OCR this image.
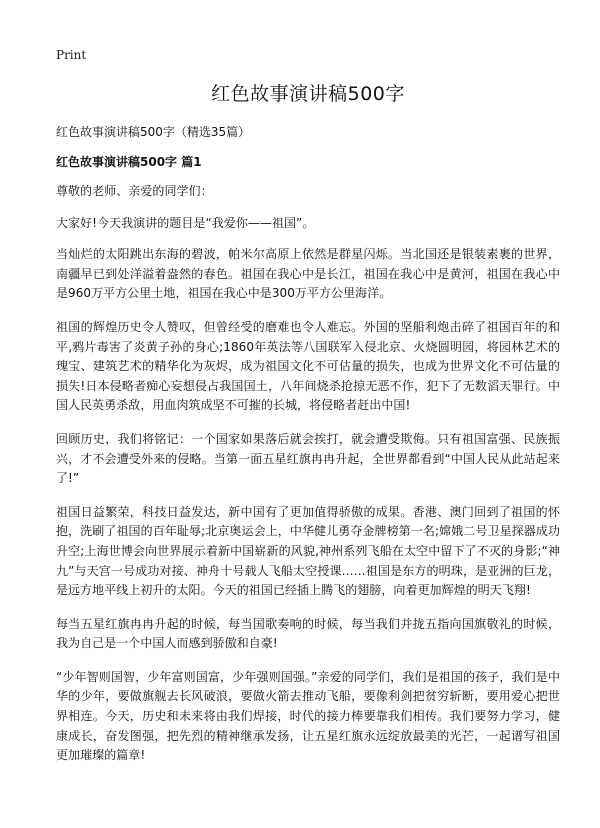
Print
红色故事演讲稿500字
红色故事演讲稿500字（精选35篇）
红色故事演讲稿500字 篇1

尊敬的老师、亲爱的同学们：

大家好!今天我演讲的题目是“我爱你——祖国”。

当灿烂的太阳跳出东海的碧波，帕米尔高原上依然是群星闪烁。当北国还是银装素裹的世界，南疆早已到处洋溢着盎然的春色。祖国在我心中是长江，祖国在我心中是黄河，祖国在我心中是960万平方公里土地，祖国在我心中是300万平方公里海洋。

祖国的辉煌历史令人赞叹，但曾经受的磨难也令人难忘。外国的坚船利炮击碎了祖国百年的和平,鸦片毒害了炎黄子孙的身心;1860年英法等八国联军入侵北京、火烧圆明园，将园林艺术的瑰宝、建筑艺术的精华化为灰烬，成为祖国文化不可估量的损失，也成为世界文化不可估量的损失!日本侵略者痴心妄想侵占我国国土，八年间烧杀抢掠无恶不作，犯下了无数滔天罪行。中国人民英勇杀敌，用血肉筑成坚不可摧的长城，将侵略者赶出中国!

回顾历史，我们将铭记：一个国家如果落后就会挨打，就会遭受欺侮。只有祖国富强、民族振兴，才不会遭受外来的侵略。当第一面五星红旗冉冉升起，全世界都看到“中国人民从此站起来了!”

祖国日益繁荣，科技日益发达，新中国有了更加值得骄傲的成果。香港、澳门回到了祖国的怀抱，洗刷了祖国的百年耻辱;北京奥运会上，中华健儿勇夺金牌榜第一名;嫦娥二号卫星探器成功升空;上海世博会向世界展示着新中国崭新的风貌,神州系列飞船在太空中留下了不灭的身影;“神九”与天宫一号成功对接、神舟十号载人飞船太空授课……祖国是东方的明珠，是亚洲的巨龙，是远方地平线上初升的太阳。今天的祖国已经插上腾飞的翅膀，向着更加辉煌的明天飞翔!

每当五星红旗冉冉升起的时候，每当国歌奏响的时候，每当我们并拢五指向国旗敬礼的时候，我为自己是一个中国人而感到骄傲和自豪!

“少年智则国智，少年富则国富，少年强则国强。”亲爱的同学们，我们是祖国的孩子，我们是中华的少年，要做旗舰去长风破浪，要做火箭去推动飞船，要像利剑把贫穷斩断，要用爱心把世界相连。今天，历史和未来将由我们焊接，时代的接力棒要靠我们相传。我们要努力学习，健康成长，奋发图强，把先烈的精神继承发扬，让五星红旗永远绽放最美的光芒，一起谱写祖国更加璀璨的篇章!
